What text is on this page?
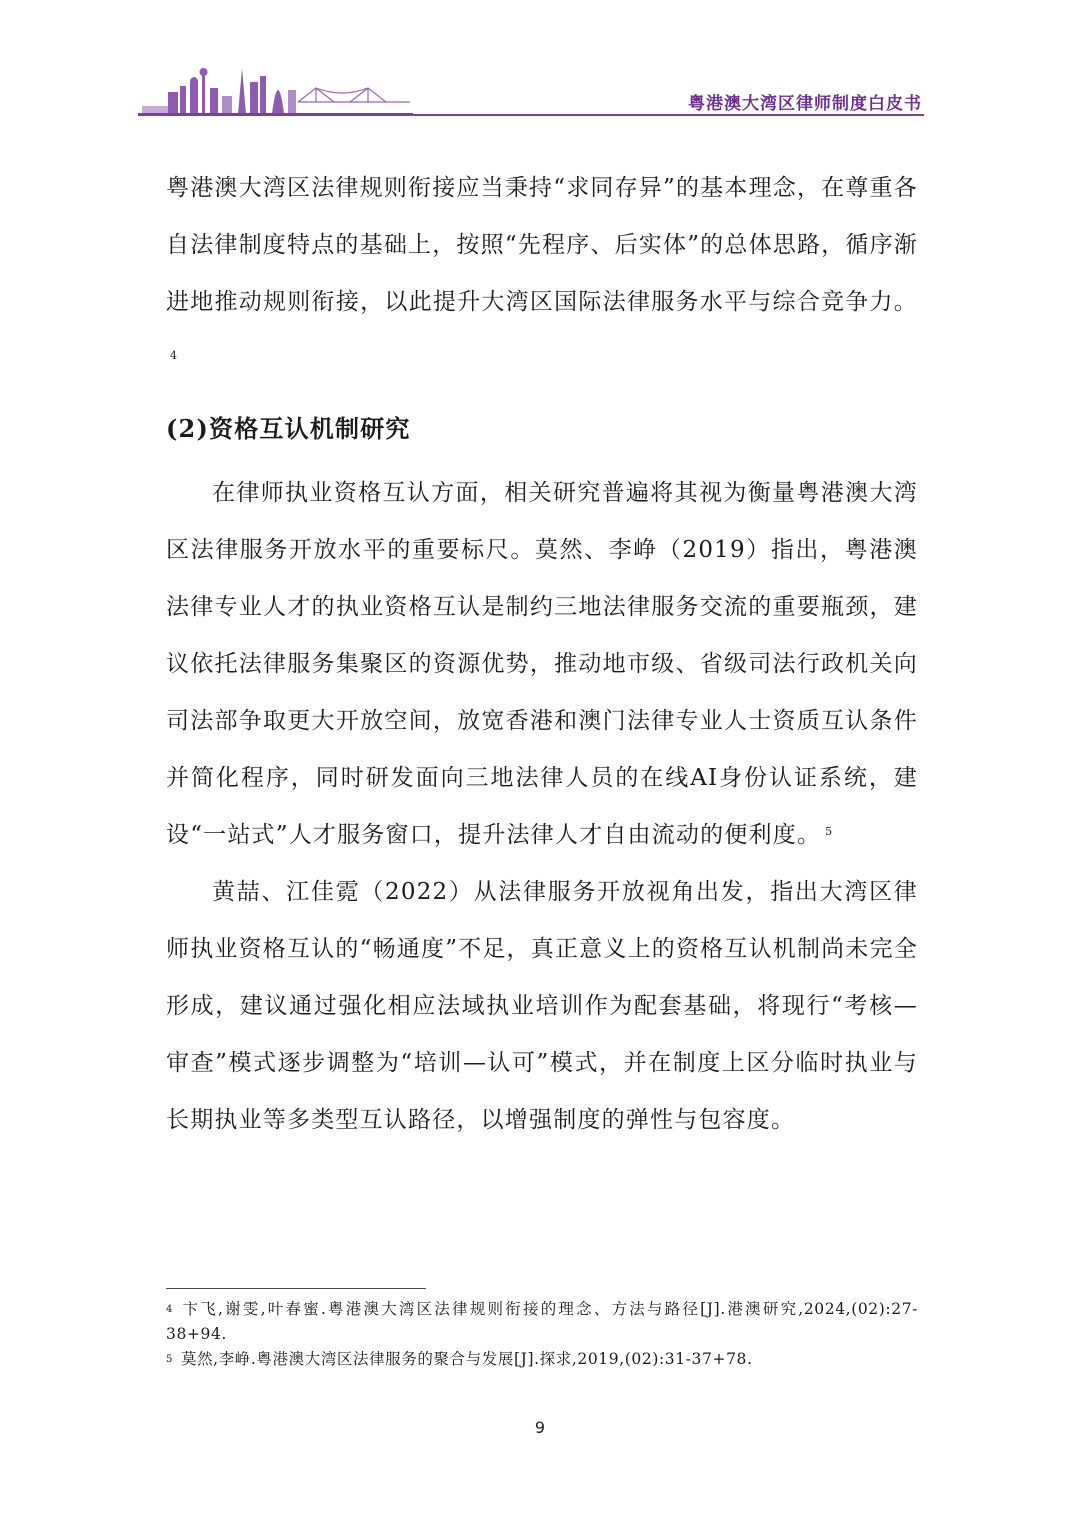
粤港澳大湾区律师制度白皮书

粤港澳大湾区法律规则衔接应当秉持“求同存异”的基本理念，在尊重各自法律制度特点的基础上，按照“先程序、后实体”的总体思路，循序渐进地推动规则衔接，以此提升大湾区国际法律服务水平与综合竞争力。$^4$

(2)资格互认机制研究

在律师执业资格互认方面，相关研究普遍将其视为衡量粤港澳大湾区法律服务开放水平的重要标尺。莫然、李峥（2019）指出，粤港澳法律专业人才的执业资格互认是制约三地法律服务交流的重要瓶颈，建议依托法律服务集聚区的资源优势，推动地市级、省级司法行政机关向司法部争取更大开放空间，放宽香港和澳门法律专业人士资质互认条件并简化程序，同时研发面向三地法律人员的在线AI身份认证系统，建设“一站式”人才服务窗口，提升法律人才自由流动的便利度。 $^5$

黄喆、江佳霓（2022）从法律服务开放视角出发，指出大湾区律师执业资格互认的“畅通度”不足，真正意义上的资格互认机制尚未完全形成，建议通过强化相应法域执业培训作为配套基础，将现行“考核—审查”模式逐步调整为“培训—认可”模式，并在制度上区分临时执业与长期执业等多类型互认路径，以增强制度的弹性与包容度。

$^4$ 卞飞,谢雯,叶春蜜.粤港澳大湾区法律规则衔接的理念、方法与路径[J].港澳研究,2024,(02):27-38+94.

$^5$ 莫然,李峥.粤港澳大湾区法律服务的聚合与发展[J].探求,2019,(02):31-37+78.

9
